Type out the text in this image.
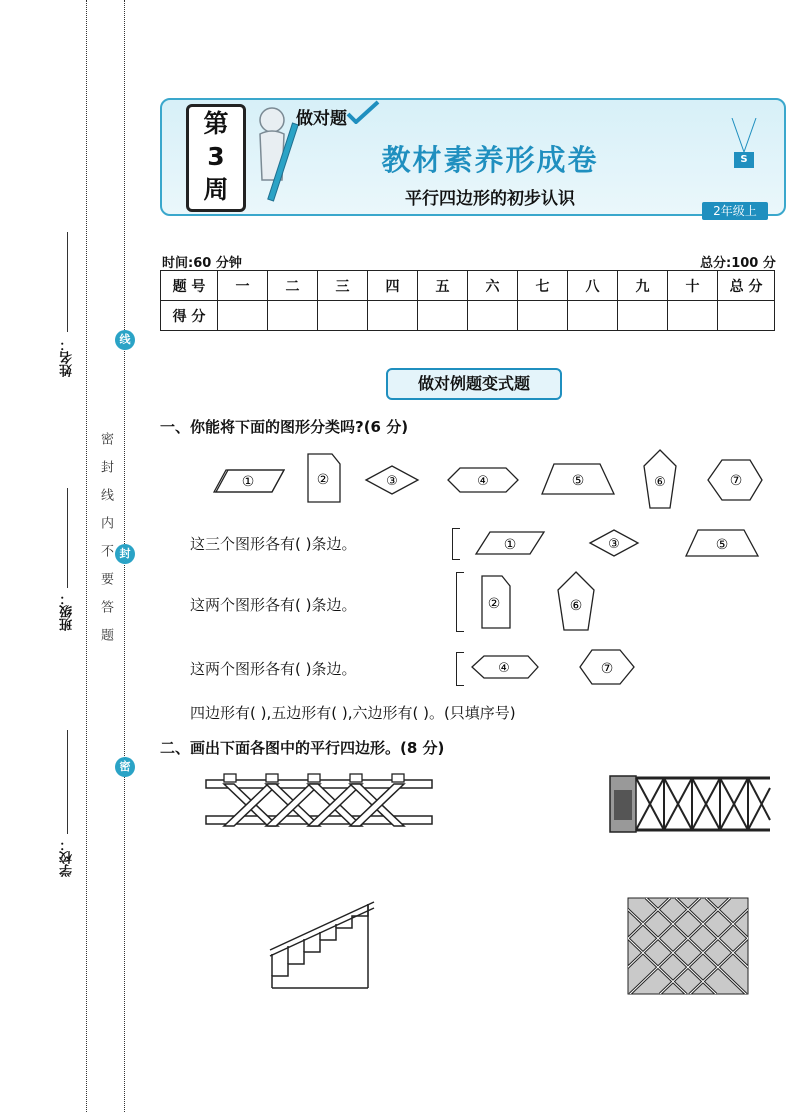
姓名：
班级：
学校：
密封线内不要答题
线
封
密
第
3
周
做对题
教材素养形成卷
平行四边形的初步认识
S
2年级上
时间:60 分钟	总分:100 分
题 号	一	二	三	四	五	六	七	八	九	十	总 分
得 分											
做对例题变式题
一、你能将下面的图形分类吗?(6 分)
①	②	③	④	⑤	⑥	⑦
这三个图形各有( )条边。	①	③	⑤
这两个图形各有( )条边。	②	⑥
这两个图形各有( )条边。	④	⑦
四边形有( ),五边形有( ),六边形有( )。(只填序号)
二、画出下面各图中的平行四边形。(8 分)
